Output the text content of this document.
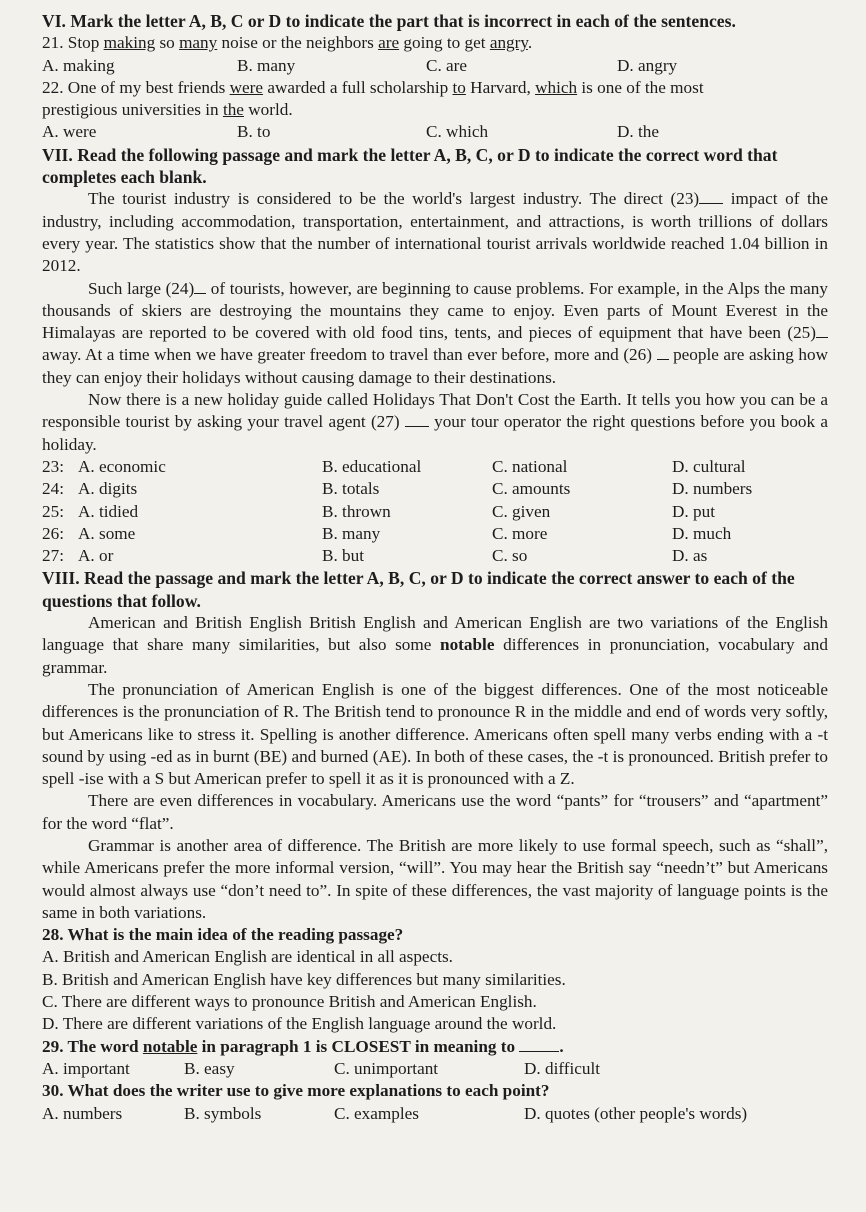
VI. Mark the letter A, B, C or D to indicate the part that is incorrect in each of the sentences.
21. Stop making so many noise or the neighbors are going to get angry.
A. making	B. many	C. are	D. angry
22. One of my best friends were awarded a full scholarship to Harvard, which is one of the most
prestigious universities in the world.
A. were	B. to	C. which	D. the
VII. Read the following passage and mark the letter A, B, C, or D to indicate the correct word that completes each blank.
The tourist industry is considered to be the world's largest industry. The direct (23) impact of the industry, including accommodation, transportation, entertainment, and attractions, is worth trillions of dollars every year. The statistics show that the number of international tourist arrivals worldwide reached 1.04 billion in 2012.
Such large (24) of tourists, however, are beginning to cause problems. For example, in the Alps the many thousands of skiers are destroying the mountains they came to enjoy. Even parts of Mount Everest in the Himalayas are reported to be covered with old food tins, tents, and pieces of equipment that have been (25) away. At a time when we have greater freedom to travel than ever before, more and (26)  people are asking how they can enjoy their holidays without causing damage to their destinations.
Now there is a new holiday guide called Holidays That Don't Cost the Earth. It tells you how you can be a responsible tourist by asking your travel agent (27)  your tour operator the right questions before you book a holiday.
23: A. economic	B. educational	C. national	D. cultural
24: A. digits	B. totals	C. amounts	D. numbers
25: A. tidied	B. thrown	C. given	D. put
26: A. some	B. many	C. more	D. much
27: A. or	B. but	C. so	D. as
VIII. Read the passage and mark the letter A, B, C, or D to indicate the correct answer to each of the questions that follow.
American and British English British English and American English are two variations of the English language that share many similarities, but also some notable differences in pronunciation, vocabulary and grammar.
The pronunciation of American English is one of the biggest differences. One of the most noticeable differences is the pronunciation of R. The British tend to pronounce R in the middle and end of words very softly, but Americans like to stress it. Spelling is another difference. Americans often spell many verbs ending with a -t sound by using -ed as in burnt (BE) and burned (AE). In both of these cases, the -t is pronounced. British prefer to spell -ise with a S but American prefer to spell it as it is pronounced with a Z.
There are even differences in vocabulary. Americans use the word “pants” for “trousers” and “apartment” for the word “flat”.
Grammar is another area of difference. The British are more likely to use formal speech, such as “shall”, while Americans prefer the more informal version, “will”. You may hear the British say “needn’t” but Americans would almost always use “don’t need to”. In spite of these differences, the vast majority of language points is the same in both variations.
28. What is the main idea of the reading passage?
A. British and American English are identical in all aspects.
B. British and American English have key differences but many similarities.
C. There are different ways to pronounce British and American English.
D. There are different variations of the English language around the world.
29. The word notable in paragraph 1 is CLOSEST in meaning to .
A. important	B. easy	C. unimportant	D. difficult
30. What does the writer use to give more explanations to each point?
A. numbers	B. symbols	C. examples	D. quotes (other people's words)
